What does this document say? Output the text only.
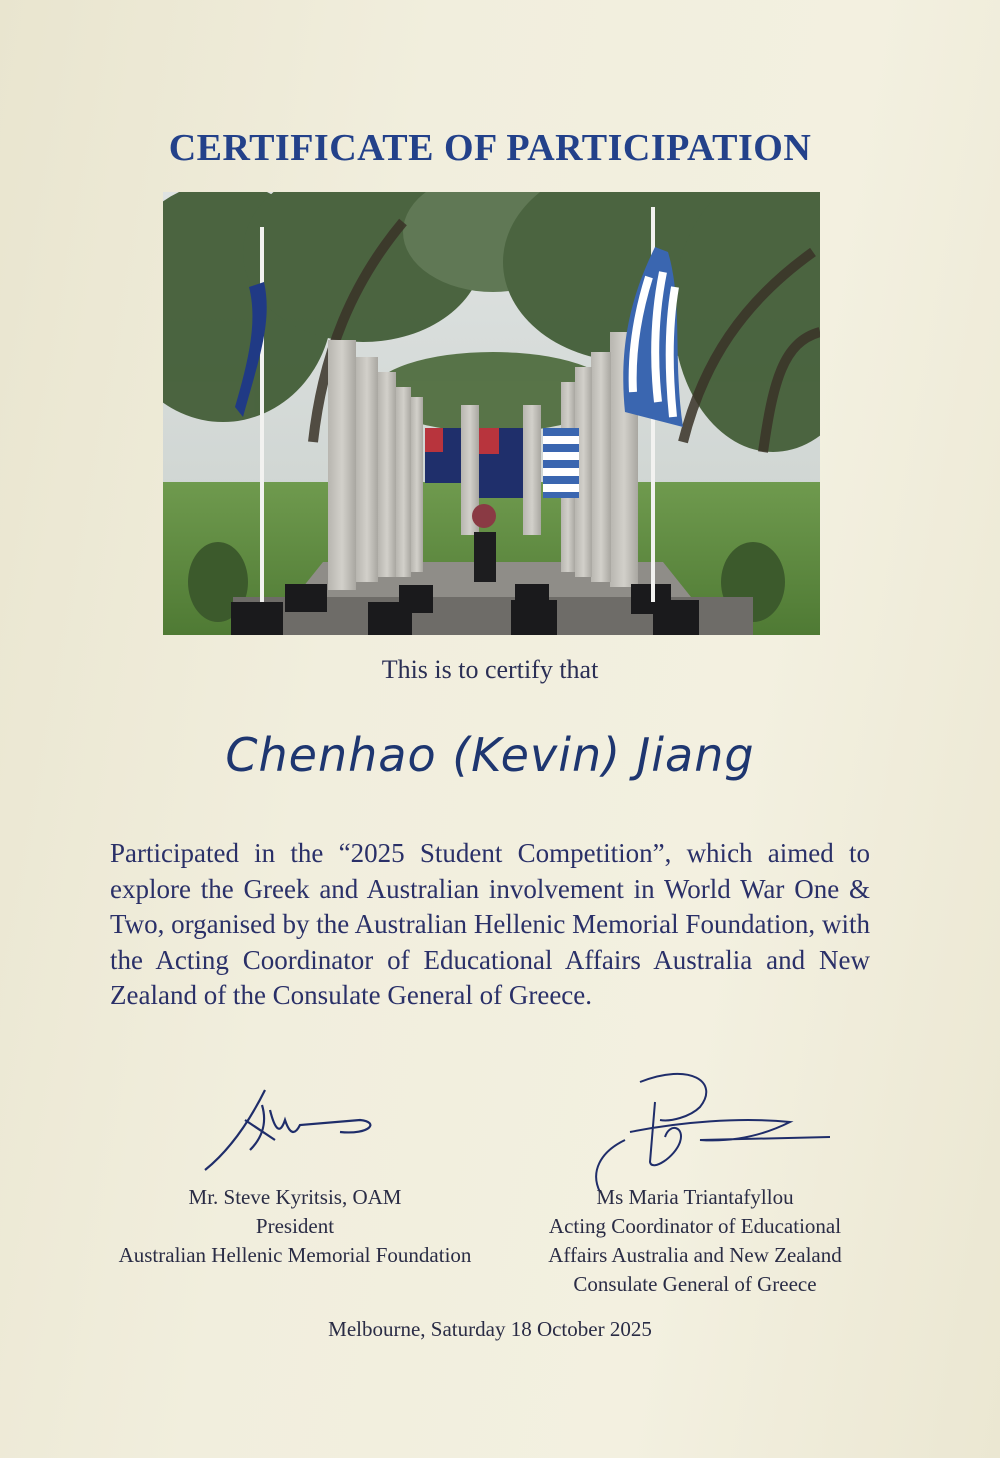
CERTIFICATE OF PARTICIPATION
This is to certify that
Chenhao (Kevin) Jiang
Participated in the “2025 Student Competition”, which aimed to explore the Greek and Australian involvement in World War One & Two, organised by the Australian Hellenic Memorial Foundation, with the Acting Coordinator of Educational Affairs Australia and New Zealand of the Consulate General of Greece.
Mr. Steve Kyritsis, OAM
President
Australian Hellenic Memorial Foundation
Ms Maria Triantafyllou
Acting Coordinator of Educational
Affairs Australia and New Zealand
Consulate General of Greece
Melbourne, Saturday 18 October 2025
